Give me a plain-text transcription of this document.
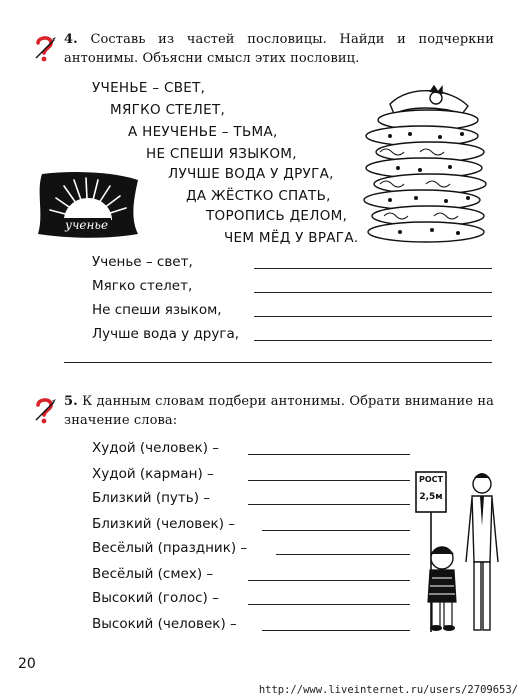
4. Составь из частей пословицы. Найди и подчеркни антонимы. Объясни смысл этих пословиц.
УЧЕНЬЕ – СВЕТ,
МЯГКО СТЕЛЕТ,
А НЕУЧЕНЬЕ – ТЬМА,
НЕ СПЕШИ ЯЗЫКОМ,
ЛУЧШЕ ВОДА У ДРУГА,
ДА ЖЁСТКО СПАТЬ,
ТОРОПИСЬ ДЕЛОМ,
ЧЕМ МЁД У ВРАГА.
ученье
Ученье – свет,
Мягко стелет,
Не спеши языком,
Лучше вода у друга,
5. К данным словам подбери антонимы. Обрати внимание на значение слова:
Худой (человек) –
Худой (карман) –
Близкий (путь) –
Близкий (человек) –
Весёлый (праздник) –
Весёлый (смех) –
Высокий (голос) –
Высокий (человек) –
РОСТ
2,5м
20
http://www.liveinternet.ru/users/2709653/
